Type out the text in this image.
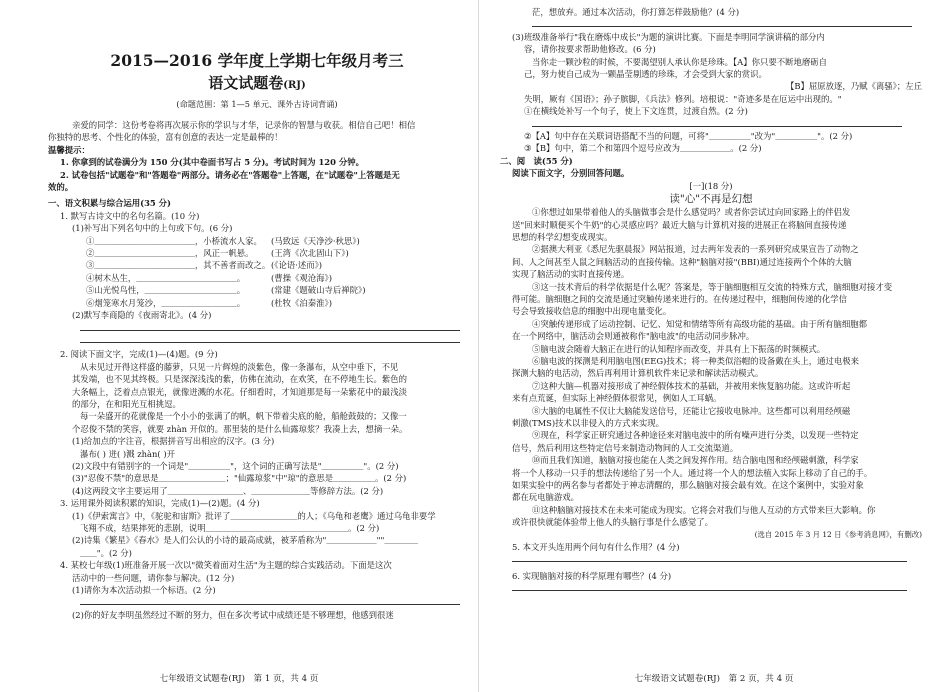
2015—2016 学年度上学期七年级月考三
语文试题卷(RJ)
(命题范围：第 1—5 单元、课外古诗词背诵)
亲爱的同学：这份考卷将再次展示你的学识与才华，记录你的智慧与收获。相信自己吧！相信
你独特的思考、个性化的体验，富有创意的表达一定是最棒的！
温馨提示：
1. 你拿到的试卷满分为 150 分(其中卷面书写占 5 分)。考试时间为 120 分钟。
2. 试卷包括"试题卷"和"答题卷"两部分。请务必在"答题卷"上答题，在"试题卷"上答题是无
效的。
一、语文积累与综合运用(35 分)
1. 默写古诗文中的名句名篇。(10 分)
(1)补写出下列名句中的上句或下句。(6 分)
①＿＿＿＿＿＿＿＿＿＿＿＿，小桥流水人家。	(马致远《天净沙·秋思》)
②＿＿＿＿＿＿＿＿＿＿＿＿，风正一帆悬。	(王湾《次北固山下》)
③＿＿＿＿＿＿＿＿＿＿＿＿，其不善者而改之。 (《论语·述而》)
④树木丛生，＿＿＿＿＿＿＿＿＿＿＿＿。	(曹操《观沧海》)
⑤山光悦鸟性，＿＿＿＿＿＿＿＿＿＿＿。	(常建《题破山寺后禅院》)
⑥烟笼寒水月笼沙，＿＿＿＿＿＿＿＿＿。	(杜牧《泊秦淮》)
(2)默写李商隐的《夜雨寄北》。(4 分)
2. 阅读下面文字，完成(1)—(4)题。(9 分)
从未见过开得这样盛的藤萝，只见一片辉煌的淡紫色，像一条瀑布，从空中垂下，不见
其发端，也不见其终极。只是深深浅浅的紫，仿佛在流动，在欢笑，在不停地生长。紫色的
大条幅上，泛着点点银光，就像迸溅的水花。仔细看时，才知道那是每一朵紫花中的最浅淡
的部分，在和阳光互相挑逗。
每一朵盛开的花就像是一个小小的张满了的帆，帆下带着尖底的舱，船舱鼓鼓的；又像一
个忍俊不禁的笑容，就要 zhàn 开似的。那里装的是什么仙露琼浆？我凑上去，想摘一朵。
(1)给加点的字注音，根据拼音写出相应的汉字。(3 分)
瀑布( ) 迸( )溅 zhàn( )开
(2)文段中有错别字的一个词是"＿＿＿＿＿"，这个词的正确写法是"＿＿＿＿＿"。(2 分)
(3)"忍俊不禁"的意思是＿＿＿＿＿＿＿＿；"仙露琼浆"中"琼"的意思是＿＿＿＿＿。(2 分)
(4)这两段文字主要运用了＿＿＿＿＿＿＿＿＿、＿＿＿＿＿＿＿等修辞方法。(2 分)
3. 运用课外阅读积累的知识，完成(1)—(2)题。(4 分)
(1)《伊索寓言》中，《驼驼和宙斯》批评了＿＿＿＿＿＿＿＿的人；《乌龟和老鹰》通过乌龟非要学
飞翔不成，结果摔死的悲剧，说明＿＿＿＿＿＿＿＿＿＿＿＿＿＿＿＿＿。(2 分)
(2)诗集《繁星》《春水》是人们公认的小诗的最高成就，被茅盾称为"＿＿＿＿＿＿""＿＿＿＿
＿＿"。(2 分)
4. 某校七年级(1)班准备开展一次以"微笑着面对生活"为主题的综合实践活动。下面是这次
活动中的一些问题，请你参与解决。(12 分)
(1)请你为本次活动拟一个标语。(2 分)
(2)你的好友李明虽然经过不断的努力，但在多次考试中成绩还是不够理想，他感到很迷
七年级语文试题卷(RJ)　第 1 页，共 4 页
茫，想放弃。通过本次活动，你打算怎样鼓励他？(4 分)
(3)班级准备举行"我在磨炼中成长"为题的演讲比赛。下面是李明同学演讲稿的部分内
容，请你按要求帮助他修改。(6 分)
当你走一颗沙粒的时候，不要渴望别人承认你是珍珠。【A】你只要不断地磨砺自
己，努力使自己成为一颗晶莹剔透的珍珠，才会受到大家的赏识。
【B】屈原放逐，乃赋《离骚》；左丘
失明，厥有《国语》；孙子膑脚，《兵法》修列。培根说："奇迹多是在厄运中出现的。"
①在横线处补写一个句子，使上下文连贯，过渡自然。(2 分)
②【A】句中存在关联词语搭配不当的问题，可将"＿＿＿＿＿"改为"＿＿＿＿＿"。(2 分)
③【B】句中，第二个和第四个逗号应改为＿＿＿＿＿＿。(2 分)
二、阅　读(55 分)
阅读下面文字，分别回答问题。
[一](18 分)
读"心"不再是幻想
①你想过如果带着他人的头脑做事会是什么感觉吗？或者你尝试过向回家路上的伴侣发
送"回来时顺便买个牛奶"的心灵感应吗？最近大脑与计算机对接的进展正在将脑间直接传递
思想的科学幻想变成现实。
②据澳大利亚《悉尼先驱晨报》网站报道，过去两年发表的一系列研究成果宣告了动物之
间、人之间甚至人鼠之间脑活动的直接传输。这种"脑脑对接"(BBI)通过连接两个个体的大脑
实现了脑活动的实时直接传递。
③这一技术背后的科学依据是什么呢？答案是，等于脑细胞相互交流的特殊方式，脑细胞对接才变
得可能。脑细胞之间的交流是通过突触传递来进行的。在传递过程中，细胞间传递的化学信
号会导致接收信息的细胞中出现电量变化。
④突触传递形成了运动控制、记忆、知觉和情绪等所有高级功能的基础。由于所有脑细胞都
在一个网络中，脑活动会则通被称作"脑电波"的电活动同步脉冲。
⑤脑电波会随着大脑正在进行的认知程序而改变，并具有上下振荡的时频模式。
⑥脑电波的探测是利用脑电图(EEG)技术；将一种类似浴帽的设备戴在头上，通过电极来
探测大脑的电活动，然后再利用计算机软件来记录和解读活动模式。
⑦这种大脑—机器对接形成了神经假体技术的基础，并被用来恢复脑功能。这或许听起
来有点荒诞，但实际上神经假体很常见，例如人工耳蜗。
⑧大脑的电属性不仅让大脑能发送信号，还能让它接收电脉冲。这些都可以利用经颅磁
刺激(TMS)技术以非侵入的方式来实现。
⑨现在，科学家正研究通过各种途径来对脑电波中的所有噪声进行分类，以发现一些特定
信号，然后利用这些特定信号来制造动物间的人工交流渠道。
⑩而且我们知道，脑脑对接也能在人类之间发挥作用。结合脑电图和经颅磁刺激，科学家
将一个人移动一只手的想法传递给了另一个人。通过将一个人的想法植入实际上移动了自己的手。
如果实验中的两名参与者都处于神志清醒的，那么脑脑对接会最有效。在这个案例中，实验对象
都在玩电脑游戏。
⑪这种脑脑对接技术在未来可能成为现实。它将会对我们与他人互动的方式带来巨大影响。你
或许很快就能体验带上他人的头脑行事是什么感觉了。
(选自 2015 年 3 月 12 日《参考消息网》，有删改)
5. 本文开头连用两个问句有什么作用？(4 分)
6. 实现脑脑对接的科学原理有哪些？(4 分)
七年级语文试题卷(RJ)　第 2 页，共 4 页
